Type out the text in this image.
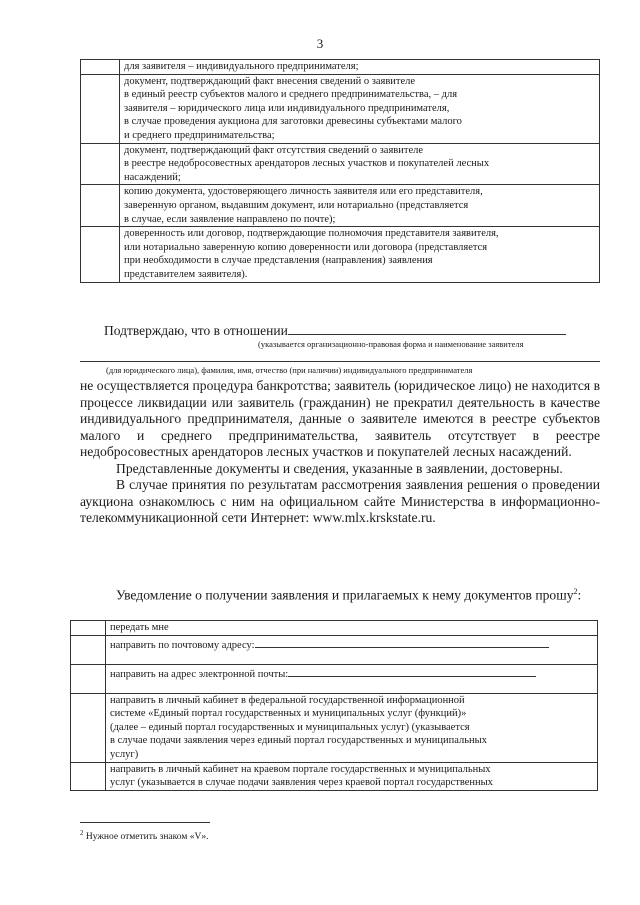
3
	для заявителя – индивидуального предпринимателя;
	документ, подтверждающий факт внесения сведений о заявителе
в единый реестр субъектов малого и среднего предпринимательства, – для
заявителя – юридического лица или индивидуального предпринимателя,
в случае проведения аукциона для заготовки древесины субъектами малого
и среднего предпринимательства;
	документ, подтверждающий факт отсутствия сведений о заявителе
в реестре недобросовестных арендаторов лесных участков и покупателей лесных
насаждений;
	копию документа, удостоверяющего личность заявителя или его представителя,
заверенную органом, выдавшим документ, или нотариально (представляется
в случае, если заявление направлено по почте);
	доверенность или договор, подтверждающие полномочия представителя заявителя,
или нотариально заверенную копию доверенности или договора (представляется
при необходимости в случае представления (направления) заявления
представителем заявителя).
Подтверждаю, что в отношении
(указывается организационно-правовая форма и наименование заявителя
(для юридического лица), фамилия, имя, отчество (при наличии) индивидуального предпринимателя

не осуществляется процедура банкротства; заявитель (юридическое лицо) не находится в процессе ликвидации или заявитель (гражданин) не прекратил деятельность в качестве индивидуального предпринимателя, данные о заявителе имеются в реестре субъектов малого и среднего предпринимательства, заявитель отсутствует в реестре недобросовестных арендаторов лесных участков и покупателей лесных насаждений.

Представленные документы и сведения, указанные в заявлении, достоверны.

В случае принятия по результатам рассмотрения заявления решения о проведении аукциона ознакомлюсь с ним на официальном сайте Министерства в информационно-телекоммуникационной сети Интернет: www.mlx.krskstate.ru.

Уведомление о получении заявления и прилагаемых к нему документов прошу$^2$:
	передать мне
	направить по почтовому адресу:
	направить на адрес электронной почты:
	направить в личный кабинет в федеральной государственной информационной
системе «Единый портал государственных и муниципальных услуг (функций)»
(далее – единый портал государственных и муниципальных услуг) (указывается
в случае подачи заявления через единый портал государственных и муниципальных
услуг)
	направить в личный кабинет на краевом портале государственных и муниципальных
услуг (указывается в случае подачи заявления через краевой портал государственных
$^2$ Нужное отметить знаком «V».
